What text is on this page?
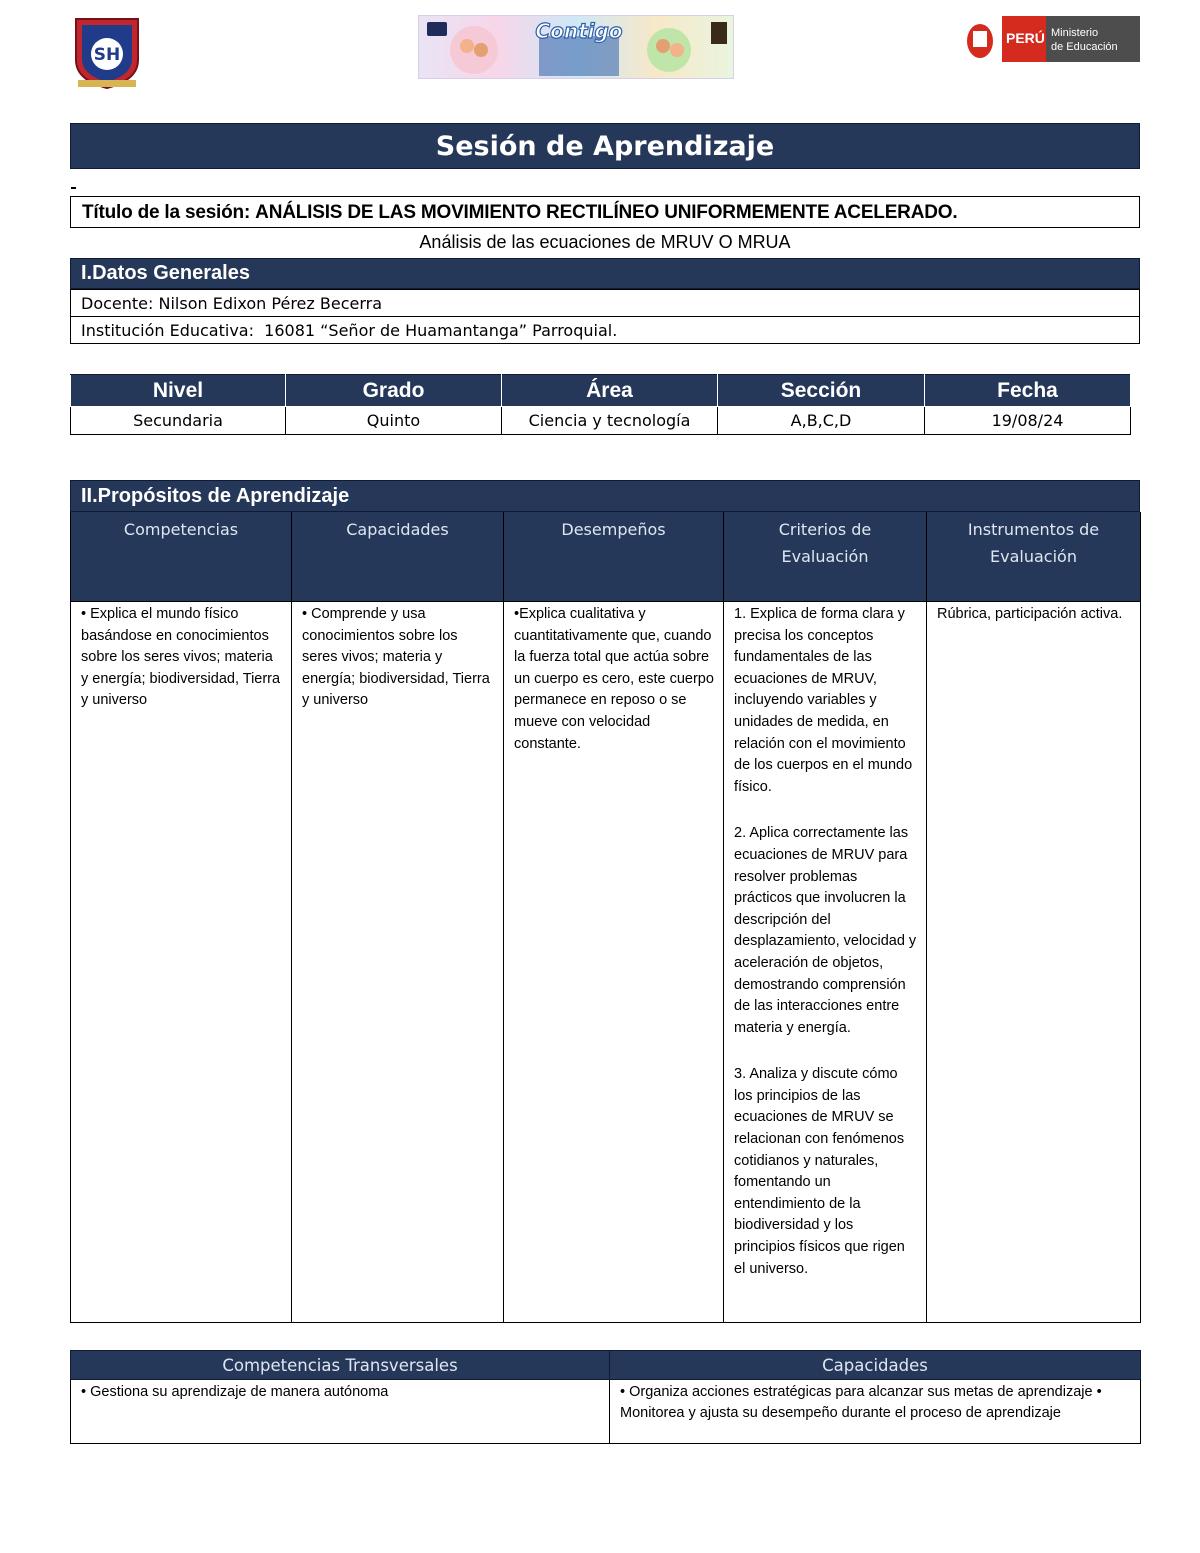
SH
Contigo	PERÚ Ministerio
de Educación
Sesión de Aprendizaje
Título de la sesión:
ANÁLISIS DE LAS MOVIMIENTO RECTILÍNEO UNIFORMEMENTE ACELERADO.
Análisis de las ecuaciones de MRUV O MRUA
I.Datos Generales
Docente: Nilson Edixon Pérez Becerra
Institución Educativa: 16081 “Señor de Huamantanga” Parroquial.
Nivel	Grado	Área	Sección	Fecha
Secundaria	Quinto	Ciencia y tecnología	A,B,C,D	19/08/24
II.Propósitos de Aprendizaje
Competencias	Capacidades	Desempeños	Criterios de Evaluación	Instrumentos de Evaluación
• Explica el mundo físico basándose en conocimientos sobre los seres vivos; materia y energía; biodiversidad, Tierra y universo	• Comprende y usa conocimientos sobre los seres vivos; materia y energía; biodiversidad, Tierra y universo	•Explica cualitativa y cuantitativamente que, cuando la fuerza total que actúa sobre un cuerpo es cero, este cuerpo permanece en reposo o se mueve con velocidad constante.	1. Explica de forma clara y precisa los conceptos fundamentales de las ecuaciones de MRUV, incluyendo variables y unidades de medida, en relación con el movimiento de los cuerpos en el mundo físico.

2. Aplica correctamente las ecuaciones de MRUV para resolver problemas prácticos que involucren la descripción del desplazamiento, velocidad y aceleración de objetos, demostrando comprensión de las interacciones entre materia y energía.

3. Analiza y discute cómo los principios de las ecuaciones de MRUV se relacionan con fenómenos cotidianos y naturales, fomentando un entendimiento de la biodiversidad y los principios físicos que rigen el universo.	Rúbrica, participación activa.
Competencias Transversales	Capacidades
• Gestiona su aprendizaje de manera autónoma	• Organiza acciones estratégicas para alcanzar sus metas de aprendizaje • Monitorea y ajusta su desempeño durante el proceso de aprendizaje
